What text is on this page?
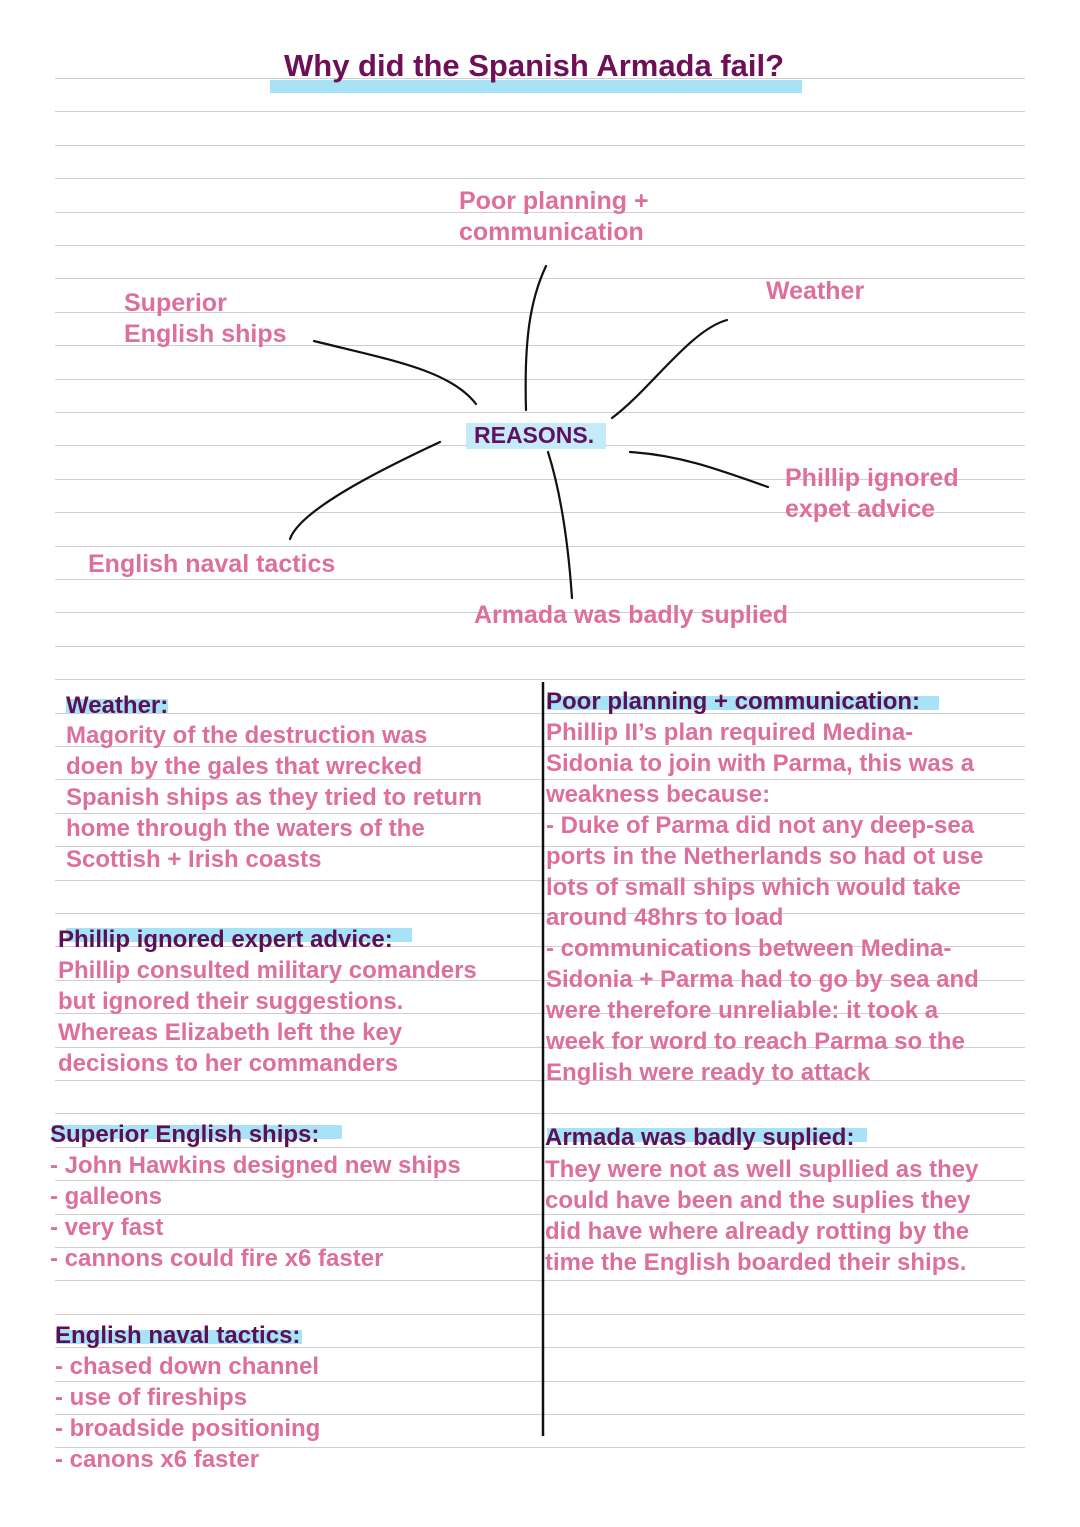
Why did the Spanish Armada fail?
Poor planning +
communication
Weather
Superior
English ships
Phillip ignored
expet advice
English naval tactics
Armada was badly suplied
REASONS.
Weather:
Magority of the destruction was
doen by the gales that wrecked
Spanish ships as they tried to return
home through the waters of the
Scottish + Irish coasts
Phillip ignored expert advice:
Phillip consulted military comanders
but ignored their suggestions.
Whereas Elizabeth left the key
decisions to her commanders
Superior English ships:
- John Hawkins designed new ships
- galleons
- very fast
- cannons could fire x6 faster
English naval tactics:
- chased down channel
- use of fireships
- broadside positioning
- canons x6 faster
Poor planning + communication:
Phillip II’s plan required Medina-
Sidonia to join with Parma, this was a
weakness because:
- Duke of Parma did not any deep-sea
ports in the Netherlands so had ot use
lots of small ships which would take
around 48hrs to load
- communications between Medina-
Sidonia + Parma had to go by sea and
were therefore unreliable: it took a
week for word to reach Parma so the
English were ready to attack
Armada was badly suplied:
They were not as well supllied as they
could have been and the suplies they
did have where already rotting by the
time the English boarded their ships.
